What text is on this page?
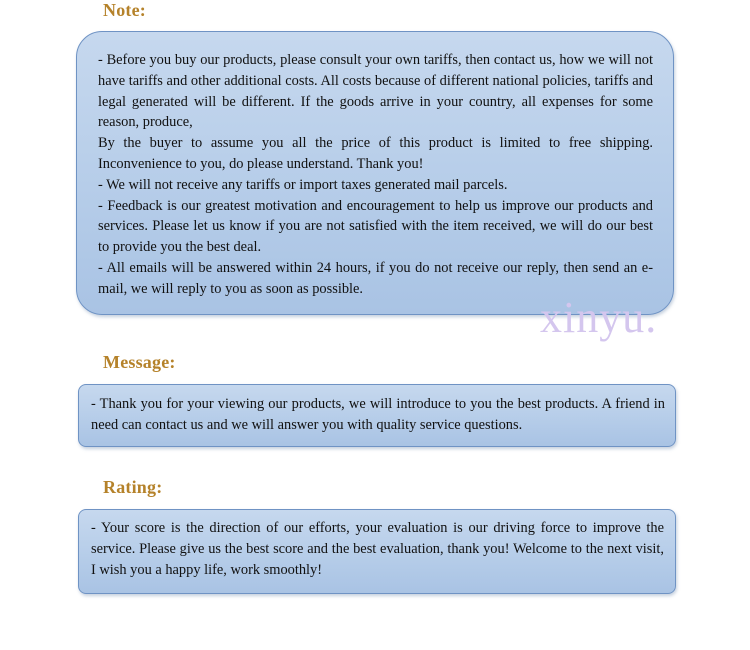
Note:
- Before you buy our products, please consult your own tariffs, then contact us, how we will not have tariffs and other additional costs. All costs because of different national policies, tariffs and legal generated will be different. If the goods arrive in your country, all expenses for some reason, produce,
By the buyer to assume you all the price of this product is limited to free shipping. Inconvenience to you, do please understand. Thank you!
- We will not receive any tariffs or import taxes generated mail parcels.
- Feedback is our greatest motivation and encouragement to help us improve our products and services. Please let us know if you are not satisfied with the item received, we will do our best to provide you the best deal.
- All emails will be answered within 24 hours, if you do not receive our reply, then send an e-mail, we will reply to you as soon as possible.
xinyu.
Message:
- Thank you for your viewing our products, we will introduce to you the best products. A friend in need can contact us and we will answer you with quality service questions.
Rating:
- Your score is the direction of our efforts, your evaluation is our driving force to improve the service. Please give us the best score and the best evaluation, thank you! Welcome to the next visit, I wish you a happy life, work smoothly!
